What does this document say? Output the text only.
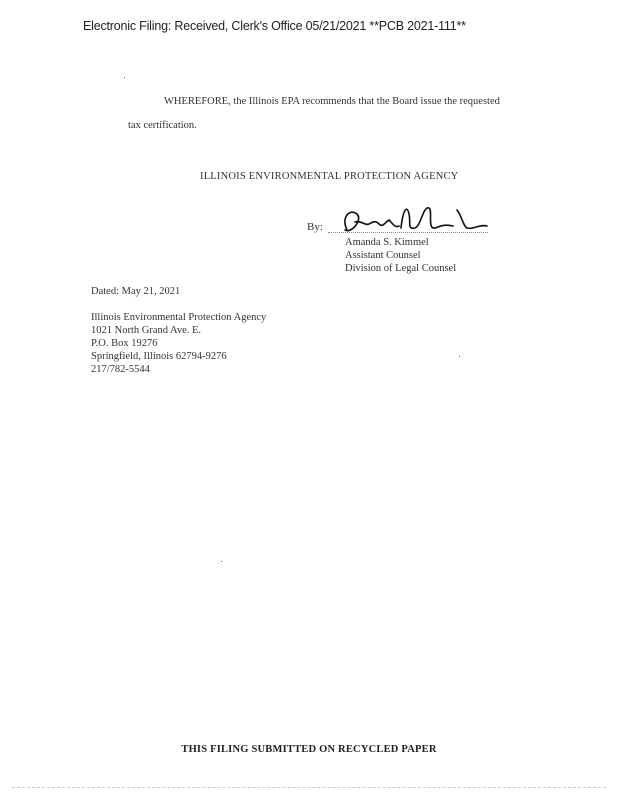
Electronic Filing: Received, Clerk's Office 05/21/2021 **PCB 2021-111**
WHEREFORE, the Illinois EPA recommends that the Board issue the requested
tax certification.
ILLINOIS ENVIRONMENTAL PROTECTION AGENCY
By:
Amanda S. Kimmel
Assistant Counsel
Division of Legal Counsel
Dated: May 21, 2021
Illinois Environmental Protection Agency
1021 North Grand Ave. E.
P.O. Box 19276
Springfield, Illinois 62794-9276
217/782-5544
THIS FILING SUBMITTED ON RECYCLED PAPER
